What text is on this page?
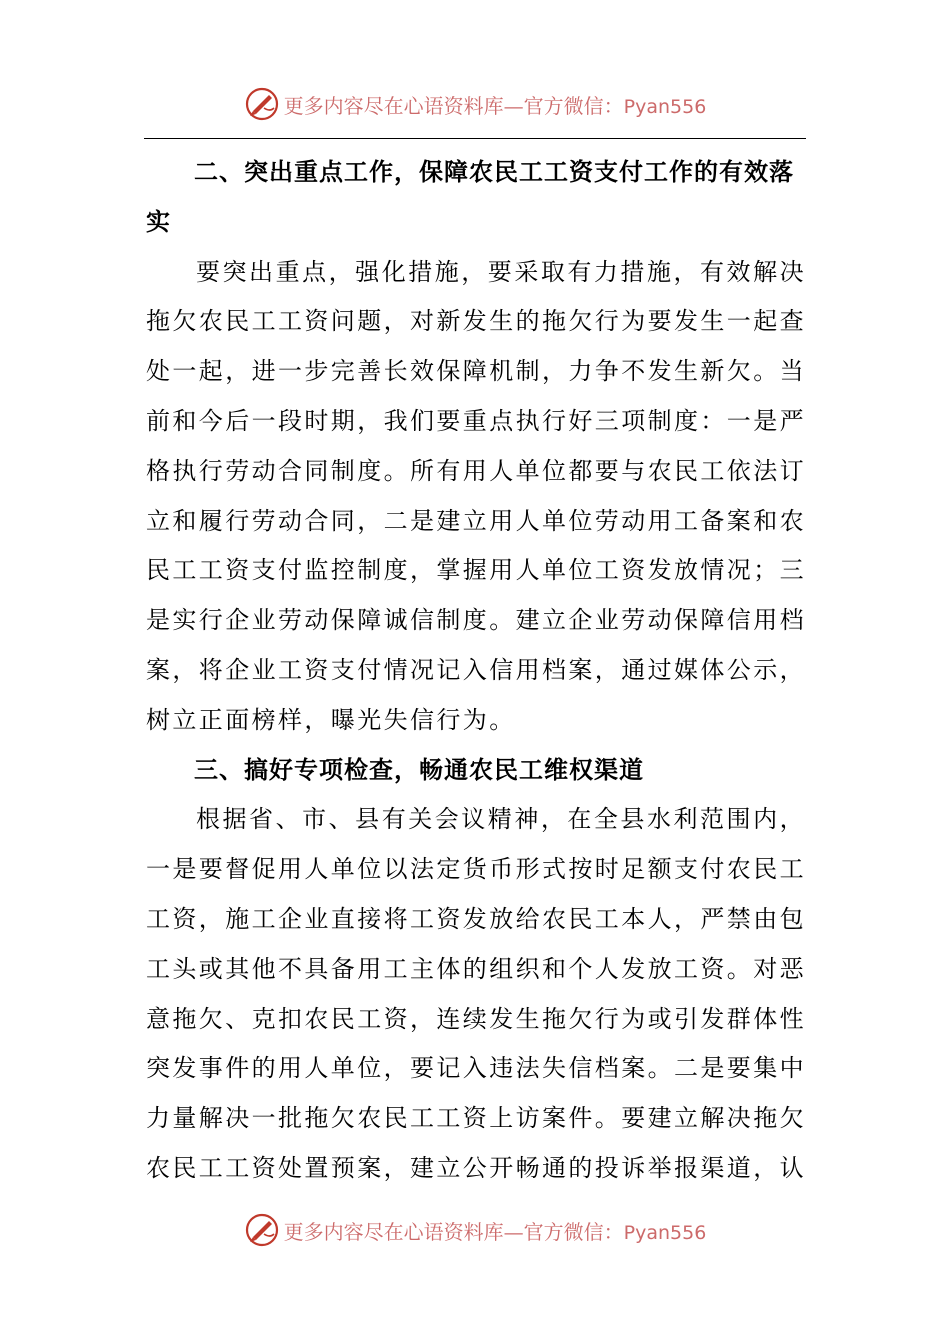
更多内容尽在心语资料库—官方微信：Pyan556

二、突出重点工作，保障农民工工资支付工作的有效落实

要突出重点，强化措施，要采取有力措施，有效解决拖欠农民工工资问题，对新发生的拖欠行为要发生一起查处一起，进一步完善长效保障机制，力争不发生新欠。当前和今后一段时期，我们要重点执行好三项制度：一是严格执行劳动合同制度。所有用人单位都要与农民工依法订立和履行劳动合同，二是建立用人单位劳动用工备案和农民工工资支付监控制度，掌握用人单位工资发放情况；三是实行企业劳动保障诚信制度。建立企业劳动保障信用档案，将企业工资支付情况记入信用档案，通过媒体公示，树立正面榜样，曝光失信行为。

三、搞好专项检查，畅通农民工维权渠道

根据省、市、县有关会议精神，在全县水利范围内，一是要督促用人单位以法定货币形式按时足额支付农民工工资，施工企业直接将工资发放给农民工本人，严禁由包工头或其他不具备用工主体的组织和个人发放工资。对恶意拖欠、克扣农民工资，连续发生拖欠行为或引发群体性突发事件的用人单位，要记入违法失信档案。二是要集中力量解决一批拖欠农民工工资上访案件。要建立解决拖欠农民工工资处置预案，建立公开畅通的投诉举报渠道，认

更多内容尽在心语资料库—官方微信：Pyan556
